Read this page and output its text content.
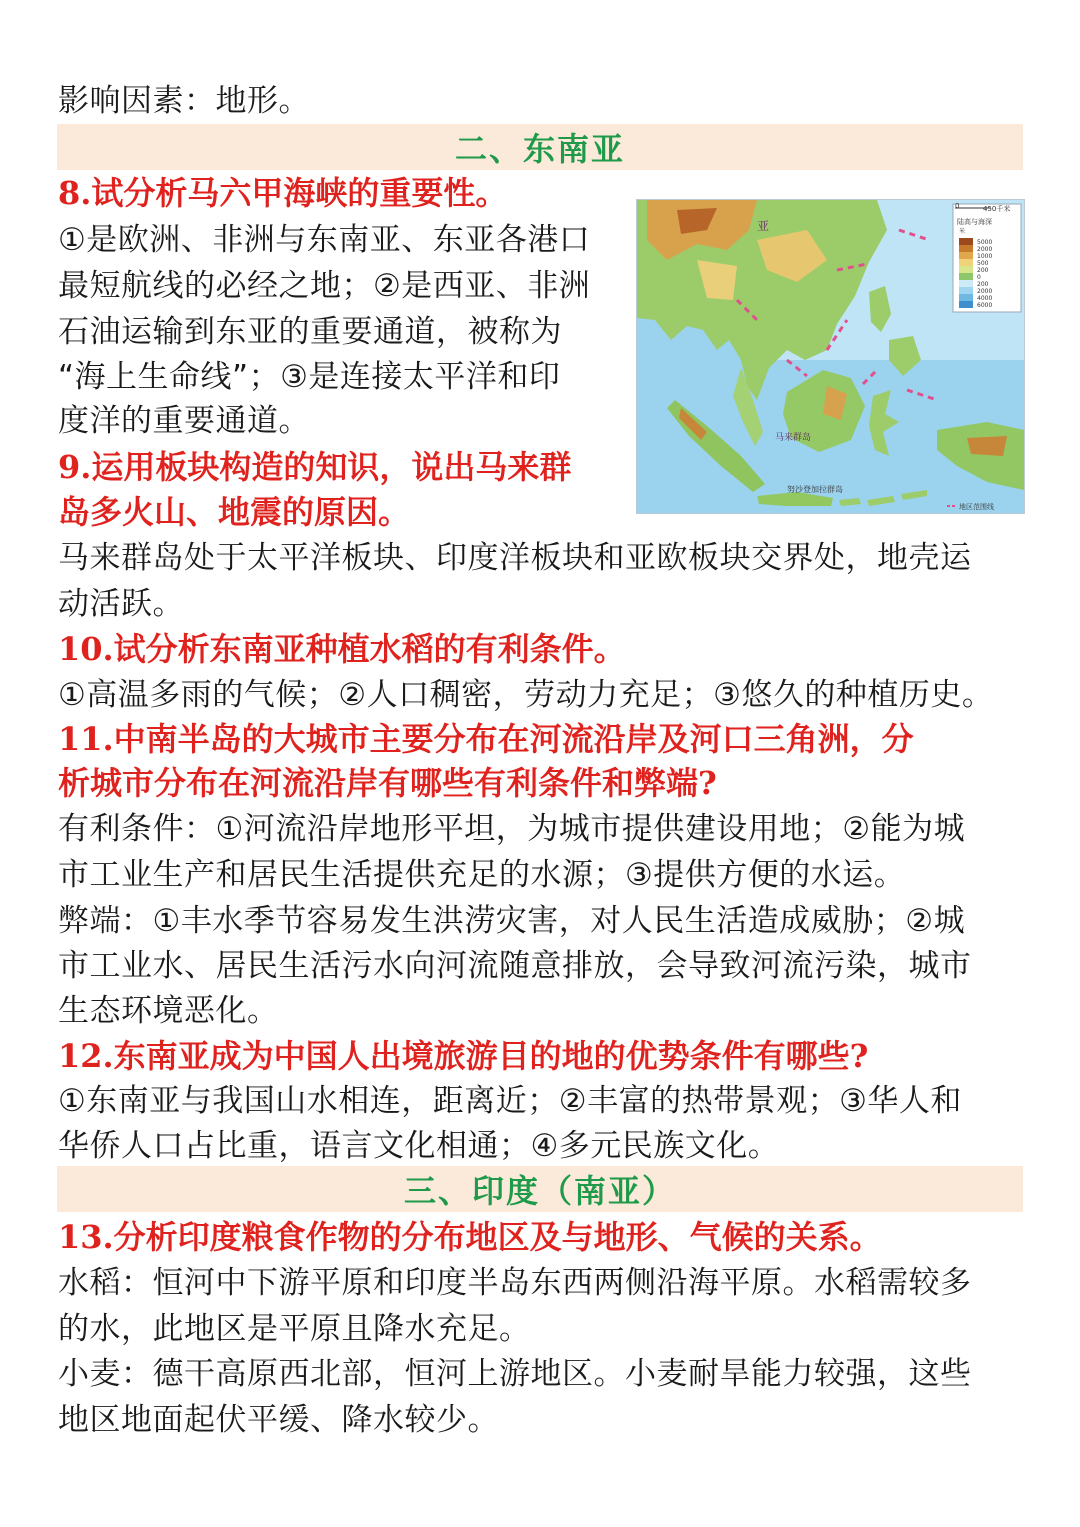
影响因素：地形。

二、东南亚

8.试分析马六甲海峡的重要性。

①是欧洲、非洲与东南亚、东亚各港口

最短航线的必经之地；②是西亚、非洲

石油运输到东亚的重要通道，被称为

“海上生命线”；③是连接太平洋和印

度洋的重要通道。

9.运用板块构造的知识，说出马来群

岛多火山、地震的原因。

马来群岛处于太平洋板块、印度洋板块和亚欧板块交界处，地壳运

动活跃。

5000
2000
1000
500
200
0
200
2000
4000
6000
0	450千米
陆高与海深
米
亚
马来群岛
努沙登加拉群岛
地区范围线

10.试分析东南亚种植水稻的有利条件。

①高温多雨的气候；②人口稠密，劳动力充足；③悠久的种植历史。

11.中南半岛的大城市主要分布在河流沿岸及河口三角洲，分

析城市分布在河流沿岸有哪些有利条件和弊端?

有利条件：①河流沿岸地形平坦，为城市提供建设用地；②能为城

市工业生产和居民生活提供充足的水源；③提供方便的水运。

弊端：①丰水季节容易发生洪涝灾害，对人民生活造成威胁；②城

市工业水、居民生活污水向河流随意排放，会导致河流污染，城市

生态环境恶化。

12.东南亚成为中国人出境旅游目的地的优势条件有哪些?

①东南亚与我国山水相连，距离近；②丰富的热带景观；③华人和

华侨人口占比重，语言文化相通；④多元民族文化。

三、印度（南亚）

13.分析印度粮食作物的分布地区及与地形、气候的关系。

水稻：恒河中下游平原和印度半岛东西两侧沿海平原。水稻需较多

的水，此地区是平原且降水充足。

小麦：德干高原西北部，恒河上游地区。小麦耐旱能力较强，这些

地区地面起伏平缓、降水较少。
